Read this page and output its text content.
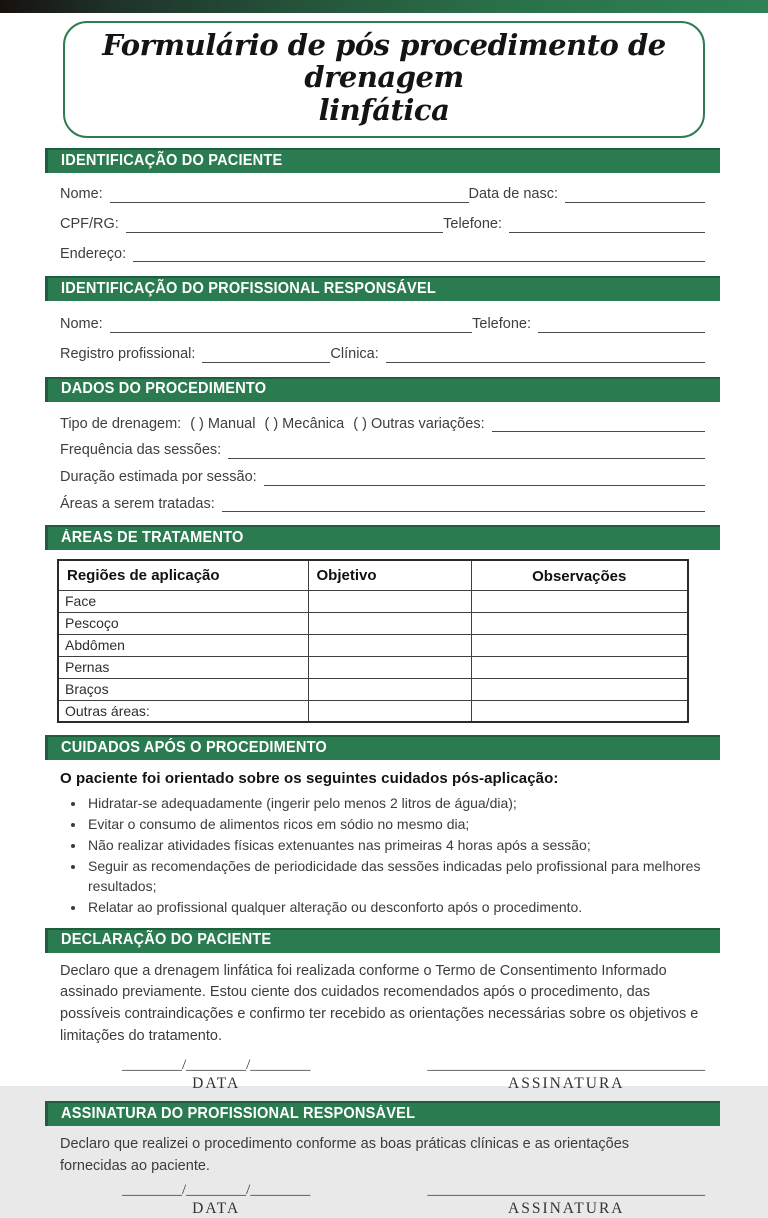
Formulário de pós procedimento de drenagem
linfática
IDENTIFICAÇÃO DO PACIENTE
Nome:	Data de nasc:
CPF/RG:	Telefone:
Endereço:
IDENTIFICAÇÃO DO PROFISSIONAL RESPONSÁVEL
Nome:	Telefone:
Registro profissional:	Clínica:
DADOS DO PROCEDIMENTO
Tipo de drenagem: ( ) Manual ( ) Mecânica ( ) Outras variações:
Frequência das sessões:
Duração estimada por sessão:
Áreas a serem tratadas:
ÁREAS DE TRATAMENTO
Regiões de aplicação	Objetivo	Observações
Face		
Pescoço		
Abdômen		
Pernas		
Braços		
Outras áreas:		
CUIDADOS APÓS O PROCEDIMENTO
O paciente foi orientado sobre os seguintes cuidados pós-aplicação:
• Hidratar-se adequadamente (ingerir pelo menos 2 litros de água/dia);
• Evitar o consumo de alimentos ricos em sódio no mesmo dia;
• Não realizar atividades físicas extenuantes nas primeiras 4 horas após a sessão;
• Seguir as recomendações de periodicidade das sessões indicadas pelo profissional para melhores resultados;
• Relatar ao profissional qualquer alteração ou desconforto após o procedimento.
DECLARAÇÃO DO PACIENTE
Declaro que a drenagem linfática foi realizada conforme o Termo de Consentimento Informado assinado previamente. Estou ciente dos cuidados recomendados após o procedimento, das possíveis contraindicações e confirmo ter recebido as orientações necessárias sobre os objetivos e limitações do tratamento.
________/________/________
DATA
_____________________________________
ASSINATURA
ASSINATURA DO PROFISSIONAL RESPONSÁVEL
Declaro que realizei o procedimento conforme as boas práticas clínicas e as orientações fornecidas ao paciente.
________/________/________
DATA
_____________________________________
ASSINATURA
